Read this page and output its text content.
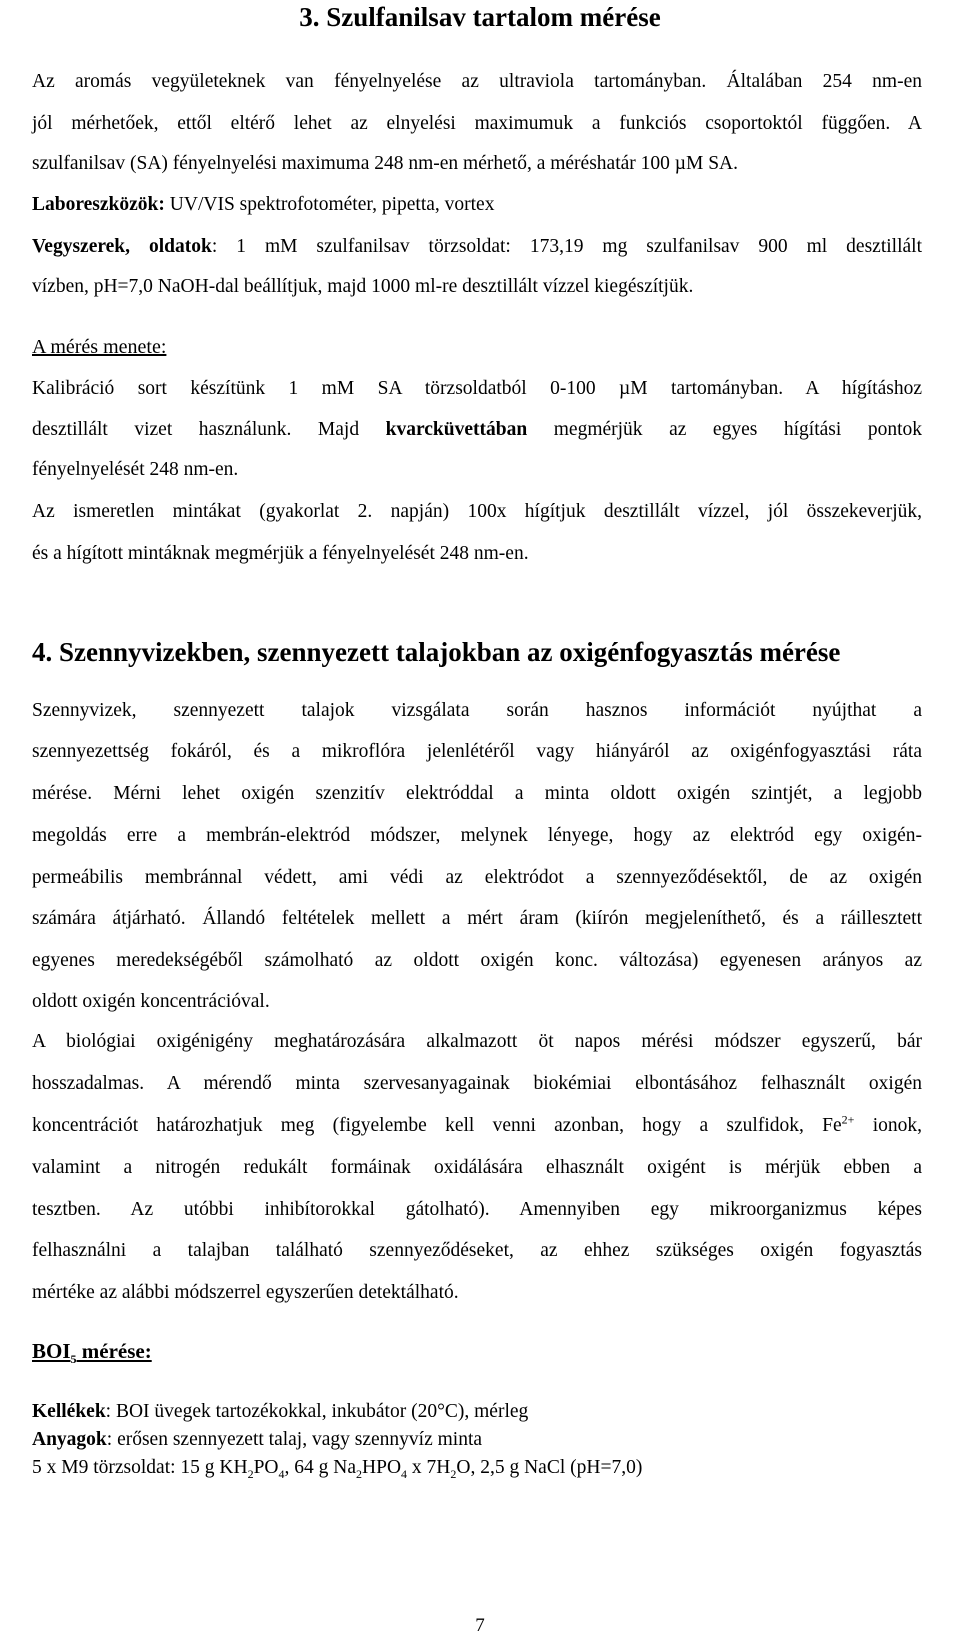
3. Szulfanilsav tartalom mérése
Az aromás vegyületeknek van fényelnyelése az ultraviola tartományban. Általában 254 nm-en
jól mérhetőek, ettől eltérő lehet az elnyelési maximumuk a funkciós csoportoktól függően. A
szulfanilsav (SA) fényelnyelési maximuma 248 nm-en mérhető, a méréshatár 100 µM SA.
Laboreszközök: UV/VIS spektrofotométer, pipetta, vortex
Vegyszerek, oldatok: 1 mM szulfanilsav törzsoldat: 173,19 mg szulfanilsav 900 ml desztillált
vízben, pH=7,0 NaOH-dal beállítjuk, majd 1000 ml-re desztillált vízzel kiegészítjük.
A mérés menete:
Kalibráció sort készítünk 1 mM SA törzsoldatból 0-100 µM tartományban. A hígításhoz
desztillált vizet használunk. Majd kvarcküvettában megmérjük az egyes hígítási pontok
fényelnyelését 248 nm-en.
Az ismeretlen mintákat (gyakorlat 2. napján) 100x hígítjuk desztillált vízzel, jól összekeverjük,
és a hígított mintáknak megmérjük a fényelnyelését 248 nm-en.
4. Szennyvizekben, szennyezett talajokban az oxigénfogyasztás mérése
Szennyvizek, szennyezett talajok vizsgálata során hasznos információt nyújthat a
szennyezettség fokáról, és a mikroflóra jelenlétéről vagy hiányáról az oxigénfogyasztási ráta
mérése. Mérni lehet oxigén szenzitív elektróddal a minta oldott oxigén szintjét, a legjobb
megoldás erre a membrán-elektród módszer, melynek lényege, hogy az elektród egy oxigén-
permeábilis membránnal védett, ami védi az elektródot a szennyeződésektől, de az oxigén
számára átjárható. Állandó feltételek mellett a mért áram (kiírón megjeleníthető, és a ráillesztett
egyenes meredekségéből számolható az oldott oxigén konc. változása) egyenesen arányos az
oldott oxigén koncentrációval.
A biológiai oxigénigény meghatározására alkalmazott öt napos mérési módszer egyszerű, bár
hosszadalmas. A mérendő minta szervesanyagainak biokémiai elbontásához felhasznált oxigén
koncentrációt határozhatjuk meg (figyelembe kell venni azonban, hogy a szulfidok, $Fe^{2+}$ ionok,
valamint a nitrogén redukált formáinak oxidálására elhasznált oxigént is mérjük ebben a
tesztben. Az utóbbi inhibítorokkal gátolható). Amennyiben egy mikroorganizmus képes
felhasználni a talajban található szennyeződéseket, az ehhez szükséges oxigén fogyasztás
mértéke az alábbi módszerrel egyszerűen detektálható.
$BOI_5$ mérése:
Kellékek: BOI üvegek tartozékokkal, inkubátor (20°C), mérleg
Anyagok: erősen szennyezett talaj, vagy szennyvíz minta
5 x M9 törzsoldat: 15 g $KH_2PO_4$, 64 g $Na_2HPO_4$ x $7H_2O$, 2,5 g NaCl (pH=7,0)
7
